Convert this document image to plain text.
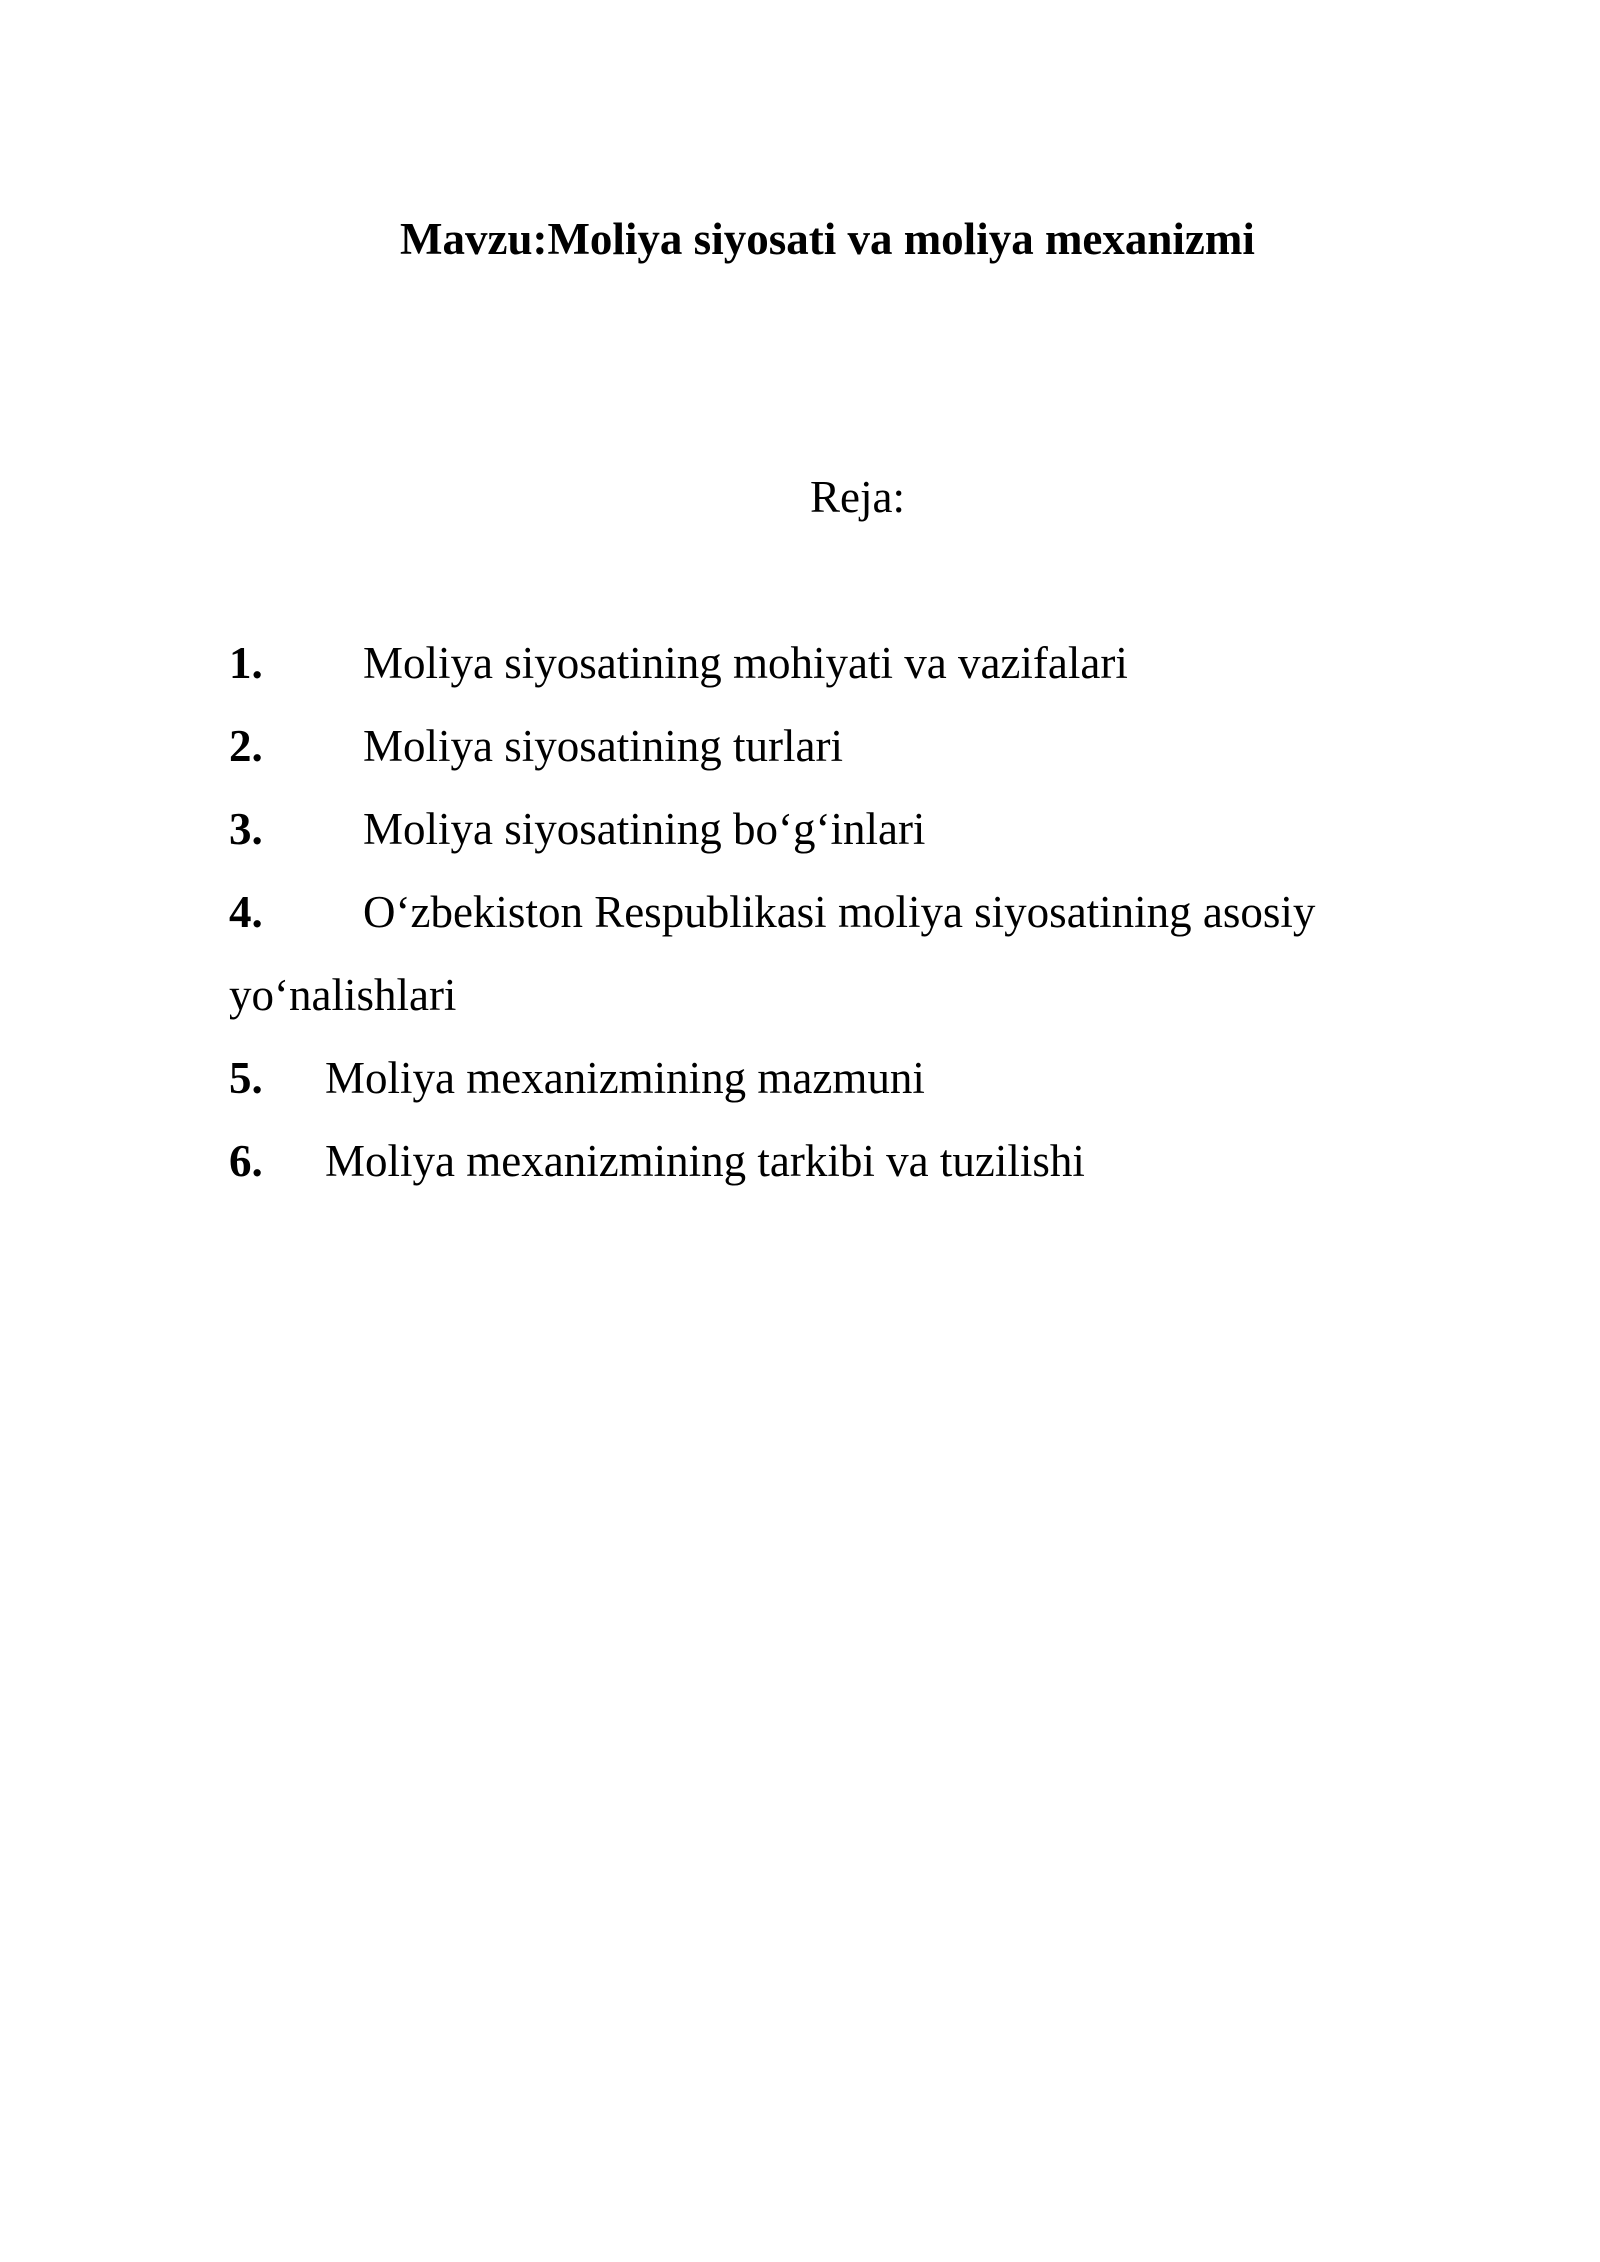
Mavzu:Moliya siyosati va moliya mexanizmi

Reja:

1. Moliya siyosatining mohiyati va vazifalari
2. Moliya siyosatining turlari
3. Moliya siyosatining bo‘g‘inlari
4. O‘zbekiston Respublikasi moliya siyosatining asosiy
yo‘nalishlari
5. Moliya mexanizmining mazmuni
6. Moliya mexanizmining tarkibi va tuzilishi
